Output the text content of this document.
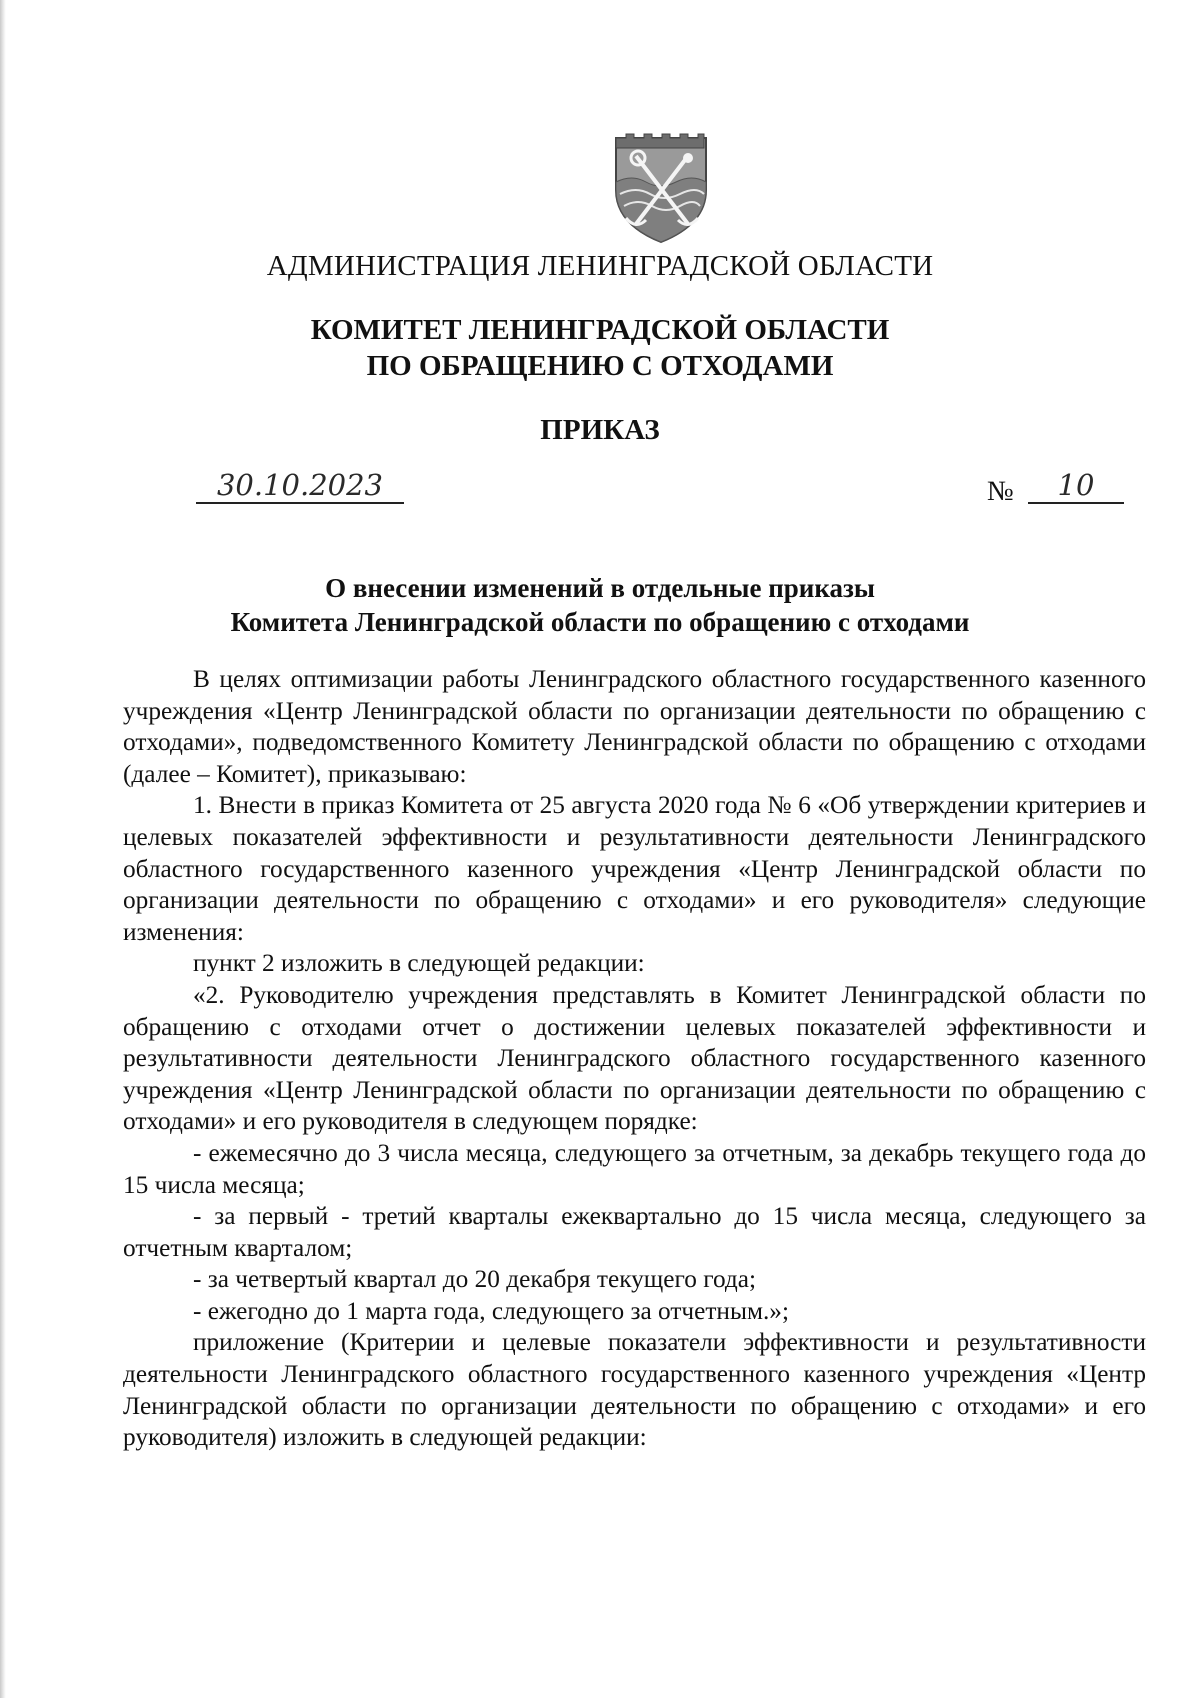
АДМИНИСТРАЦИЯ ЛЕНИНГРАДСКОЙ ОБЛАСТИ
КОМИТЕТ ЛЕНИНГРАДСКОЙ ОБЛАСТИ
ПО ОБРАЩЕНИЮ С ОТХОДАМИ
ПРИКАЗ
30.10.2023	№	10
О внесении изменений в отдельные приказы
Комитета Ленинградской области по обращению с отходами

В целях оптимизации работы Ленинградского областного государственного казенного учреждения «Центр Ленинградской области по организации деятельности по обращению с отходами», подведомственного Комитету Ленинградской области по обращению с отходами (далее – Комитет), приказываю:

1. Внести в приказ Комитета от 25 августа 2020 года № 6 «Об утверждении критериев и целевых показателей эффективности и результативности деятельности Ленинградского областного государственного казенного учреждения «Центр Ленинградской области по организации деятельности по обращению с отходами» и его руководителя» следующие изменения:

пункт 2 изложить в следующей редакции:

«2. Руководителю учреждения представлять в Комитет Ленинградской области по обращению с отходами отчет о достижении целевых показателей эффективности и результативности деятельности Ленинградского областного государственного казенного учреждения «Центр Ленинградской области по организации деятельности по обращению с отходами» и его руководителя в следующем порядке:

- ежемесячно до 3 числа месяца, следующего за отчетным, за декабрь текущего года до 15 числа месяца;

- за первый - третий кварталы ежеквартально до 15 числа месяца, следующего за отчетным кварталом;

- за четвертый квартал до 20 декабря текущего года;

- ежегодно до 1 марта года, следующего за отчетным.»;

приложение (Критерии и целевые показатели эффективности и результативности деятельности Ленинградского областного государственного казенного учреждения «Центр Ленинградской области по организации деятельности по обращению с отходами» и его руководителя) изложить в следующей редакции:
